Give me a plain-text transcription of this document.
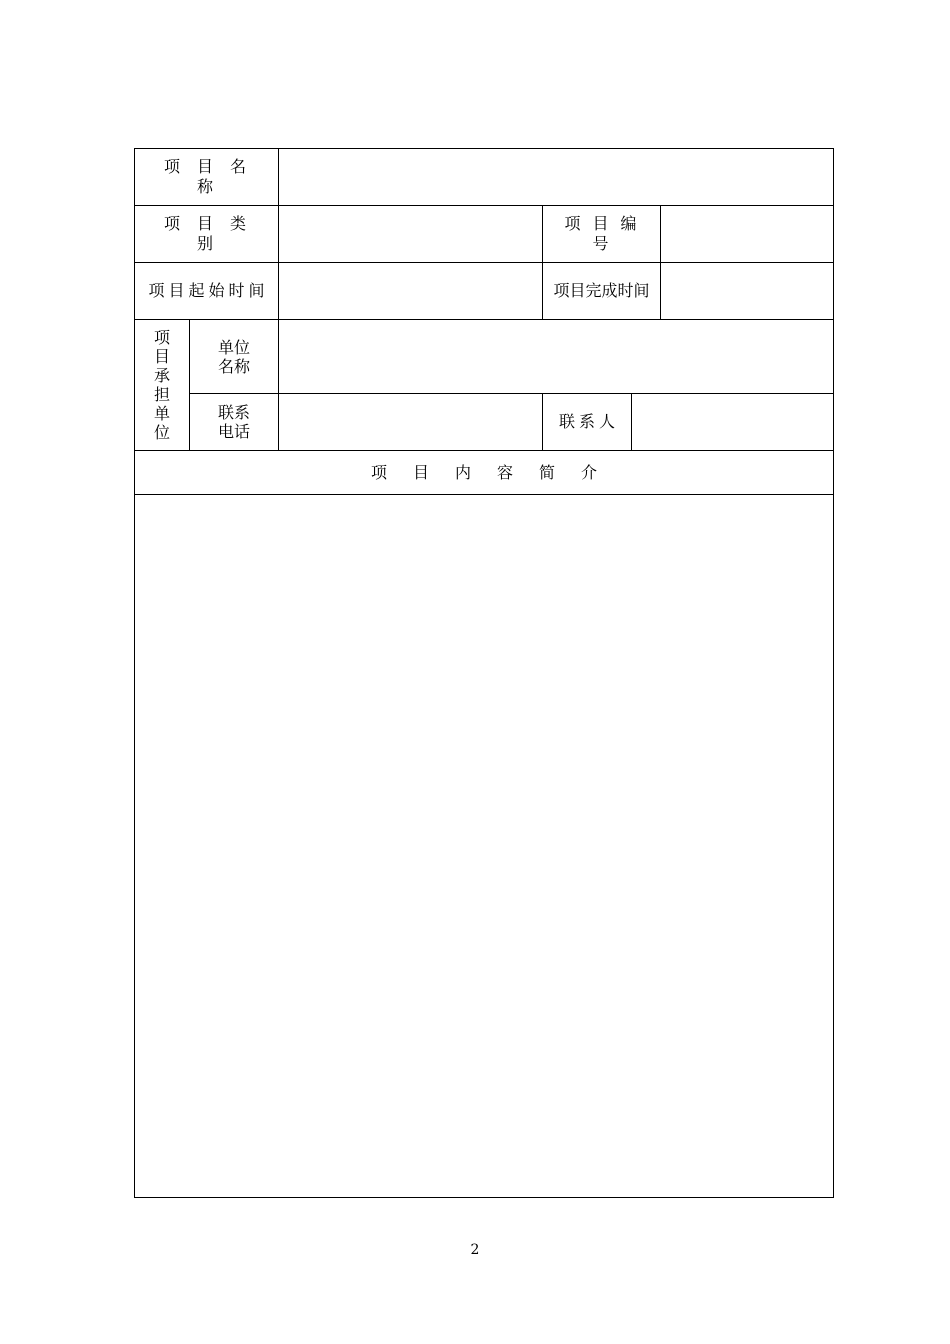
项目名称
项目类别
项目编号
项目起始时间	项目完成时间
项
目
承
担
单
位
单位
名称
联系
电话
联系人
项目内容简介
2
